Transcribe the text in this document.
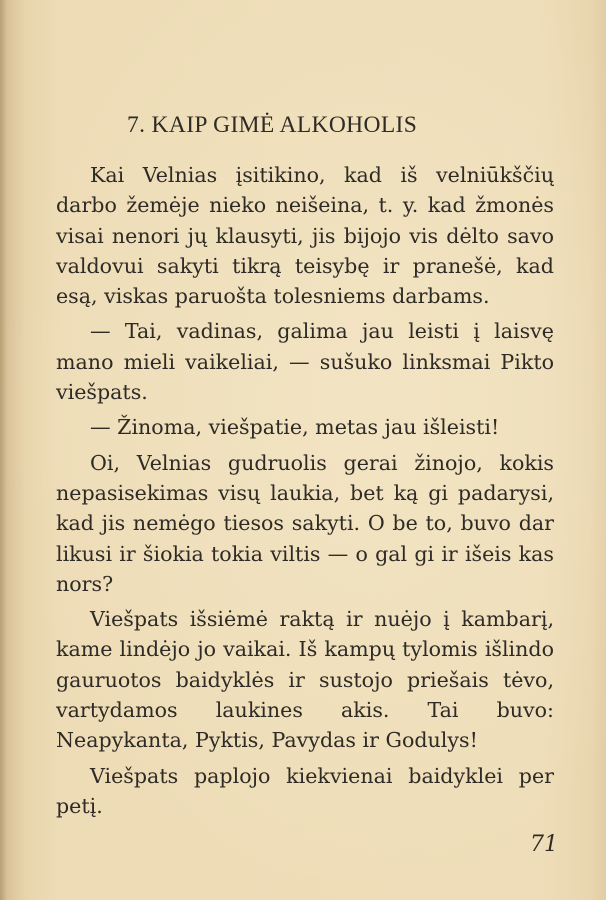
7. KAIP GIMĖ ALKOHOLIS

Kai Velnias įsitikino, kad iš velniūkščių darbo žemėje nieko neišeina, t. y. kad žmonės visai nenori jų klausyti, jis bijojo vis dėlto savo valdovui sakyti tikrą teisybę ir pranešė, kad esą, viskas paruošta tolesniems darbams.

— Tai, vadinas, galima jau leisti į laisvę mano mieli vaikeliai, — sušuko linksmai Pikto viešpats.

— Žinoma, viešpatie, metas jau išleisti!

Oi, Velnias gudruolis gerai žinojo, kokis nepasisekimas visų laukia, bet ką gi padarysi, kad jis nemėgo tiesos sakyti. O be to, buvo dar likusi ir šiokia tokia viltis — o gal gi ir išeis kas nors?

Viešpats išsiėmė raktą ir nuėjo į kambarį, kame lindėjo jo vaikai. Iš kampų tylomis išlindo gauruotos baidyklės ir sustojo priešais tėvo, vartydamos laukines akis. Tai buvo: Neapykanta, Pyktis, Pavydas ir Godulys!

Viešpats paplojo kiekvienai baidyklei per petį.

71
